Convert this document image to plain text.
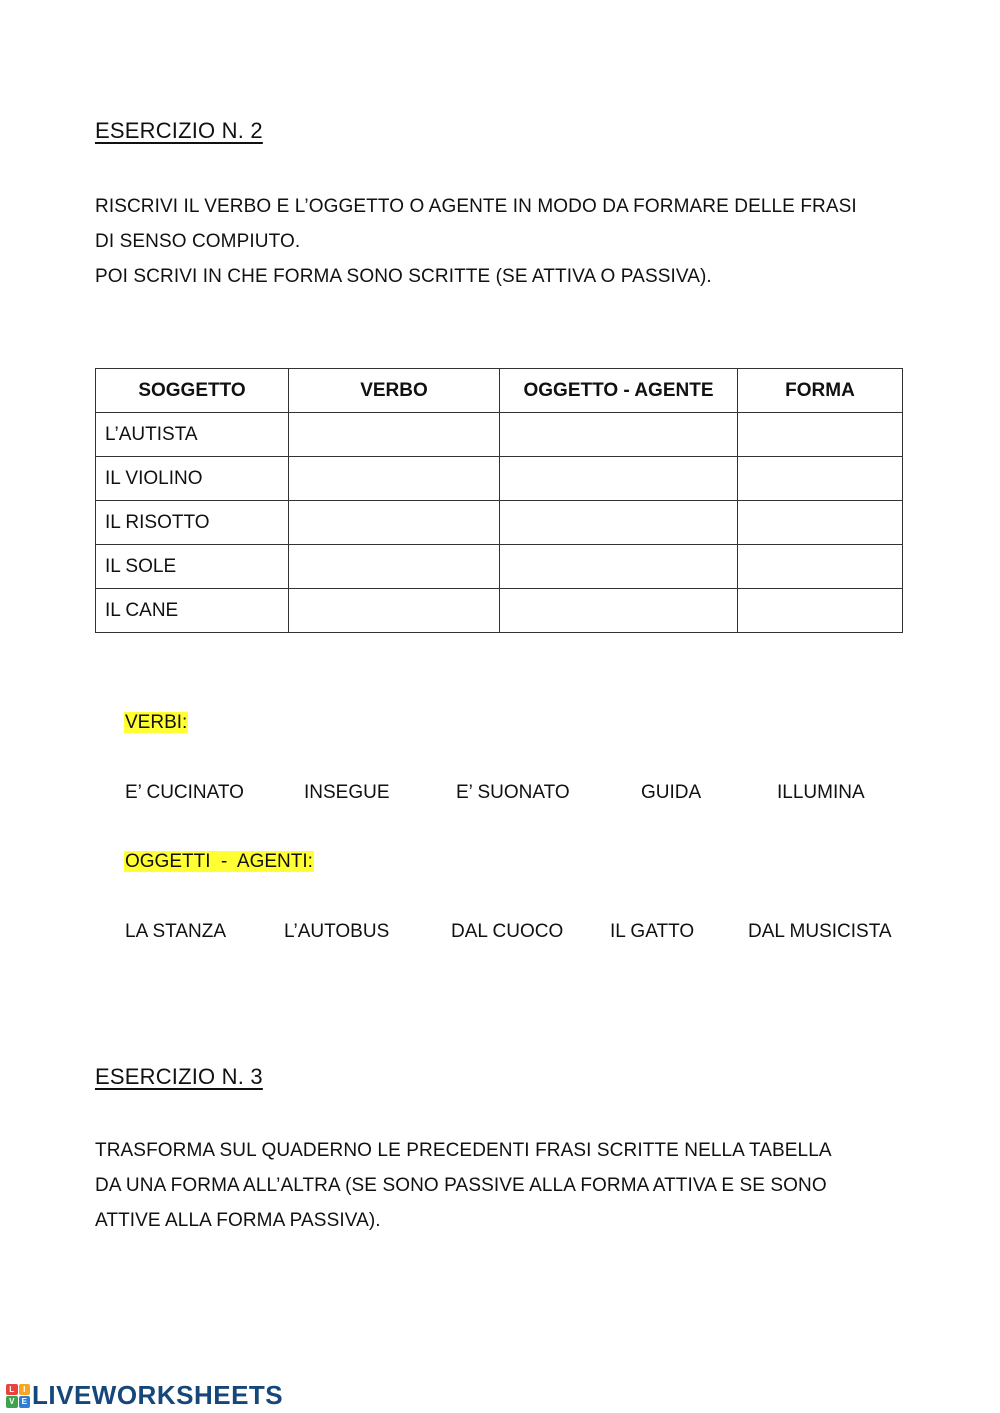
ESERCIZIO N. 2
RISCRIVI IL VERBO E L’OGGETTO O AGENTE IN MODO DA FORMARE DELLE FRASI
DI SENSO COMPIUTO.
POI SCRIVI IN CHE FORMA SONO SCRITTE (SE ATTIVA O PASSIVA).
SOGGETTO	VERBO	OGGETTO - AGENTE	FORMA
L’AUTISTA			
IL VIOLINO			
IL RISOTTO			
IL SOLE			
IL CANE			
VERBI:
E’ CUCINATO	INSEGUE	E’ SUONATO	GUIDA	ILLUMINA
OGGETTI  -  AGENTI:
LA STANZA	L’AUTOBUS	DAL CUOCO IL GATTO	DAL MUSICISTA
ESERCIZIO N. 3
TRASFORMA SUL QUADERNO LE PRECEDENTI FRASI SCRITTE NELLA TABELLA
DA UNA FORMA ALL’ALTRA (SE SONO PASSIVE ALLA FORMA ATTIVA E SE SONO
ATTIVE ALLA FORMA PASSIVA).
L	I
V E LIVEWORKSHEETS
